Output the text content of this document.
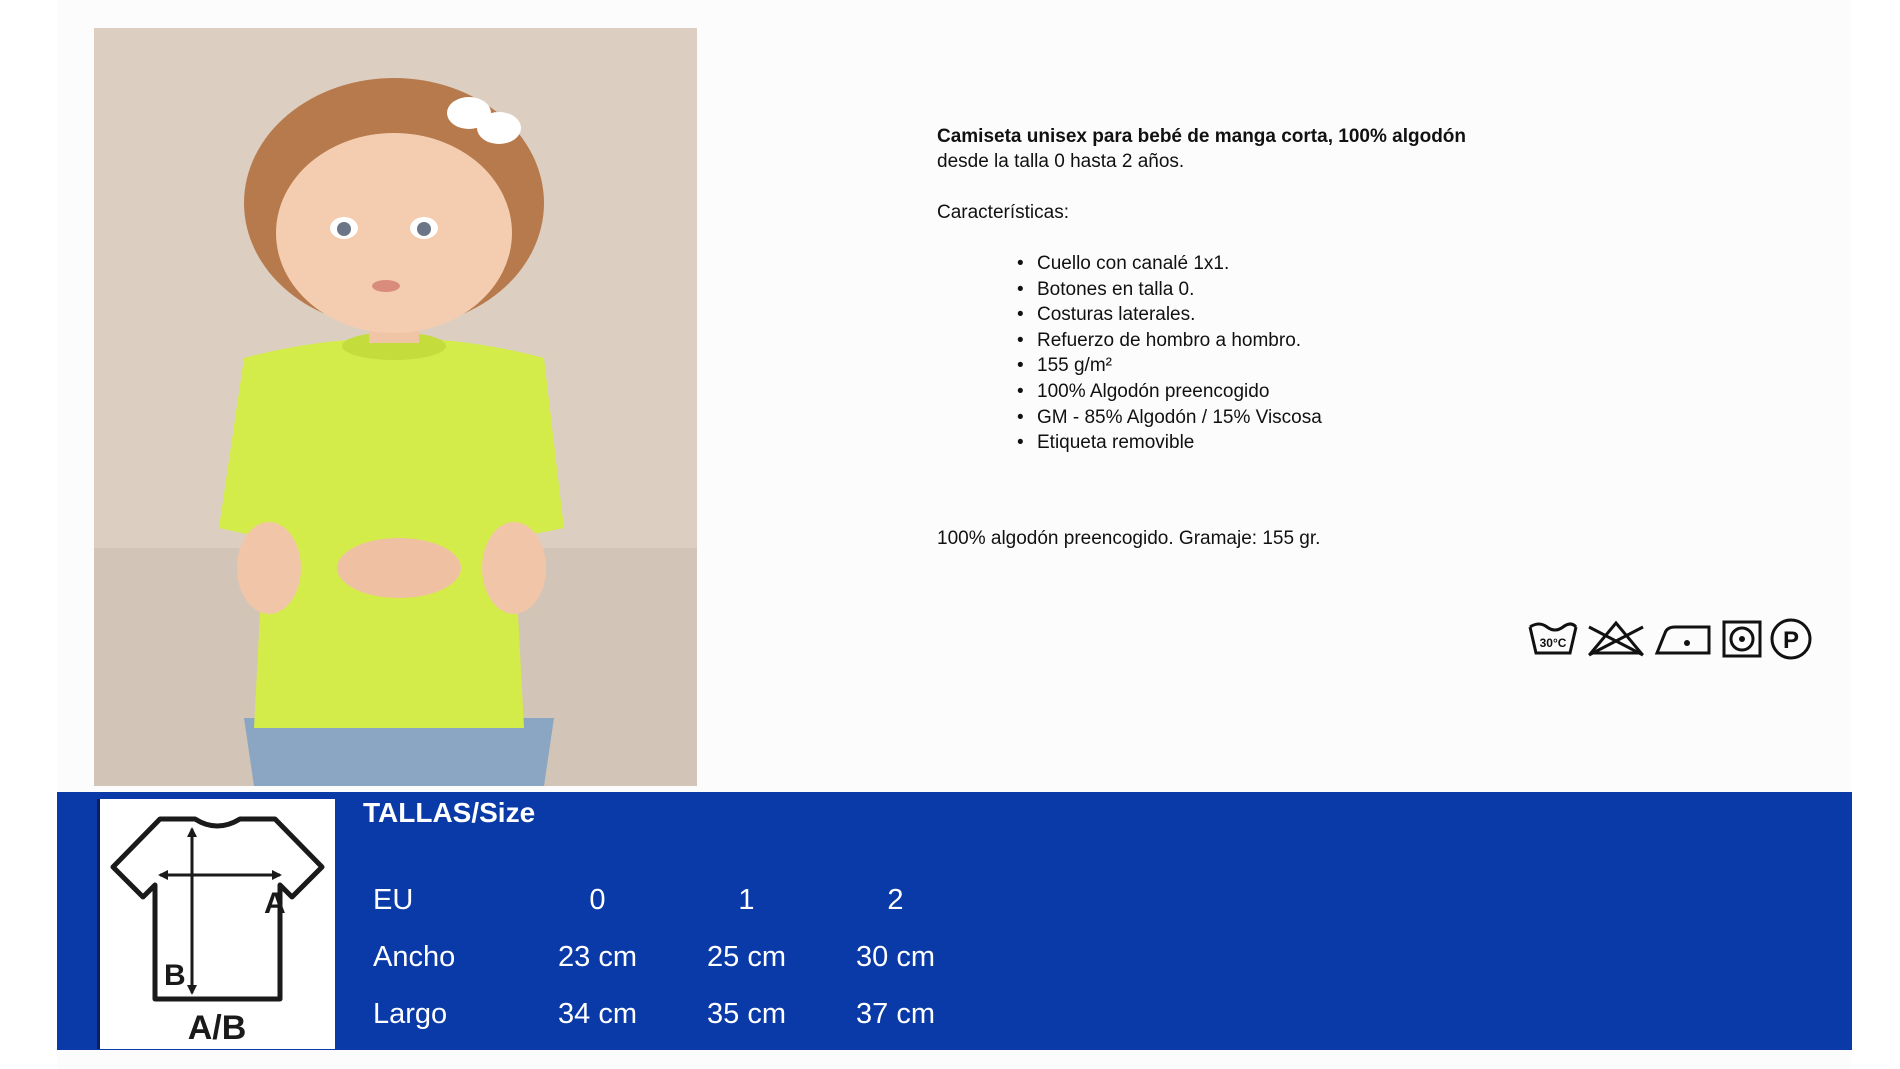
Camiseta unisex para bebé de manga corta, 100% algodón
desde la talla 0 hasta 2 años.
Características:
• Cuello con canalé 1x1.
• Botones en talla 0.
• Costuras laterales.
• Refuerzo de hombro a hombro.
• 155 g/m²
• 100% Algodón preencogido
• GM - 85% Algodón / 15% Viscosa
• Etiqueta removible
100% algodón preencogido. Gramaje: 155 gr.
30°C	P
A
B
A/B
TALLAS/Size
EU	0	1	2
Ancho	23 cm	25 cm	30 cm
Largo	34 cm	35 cm	37 cm
